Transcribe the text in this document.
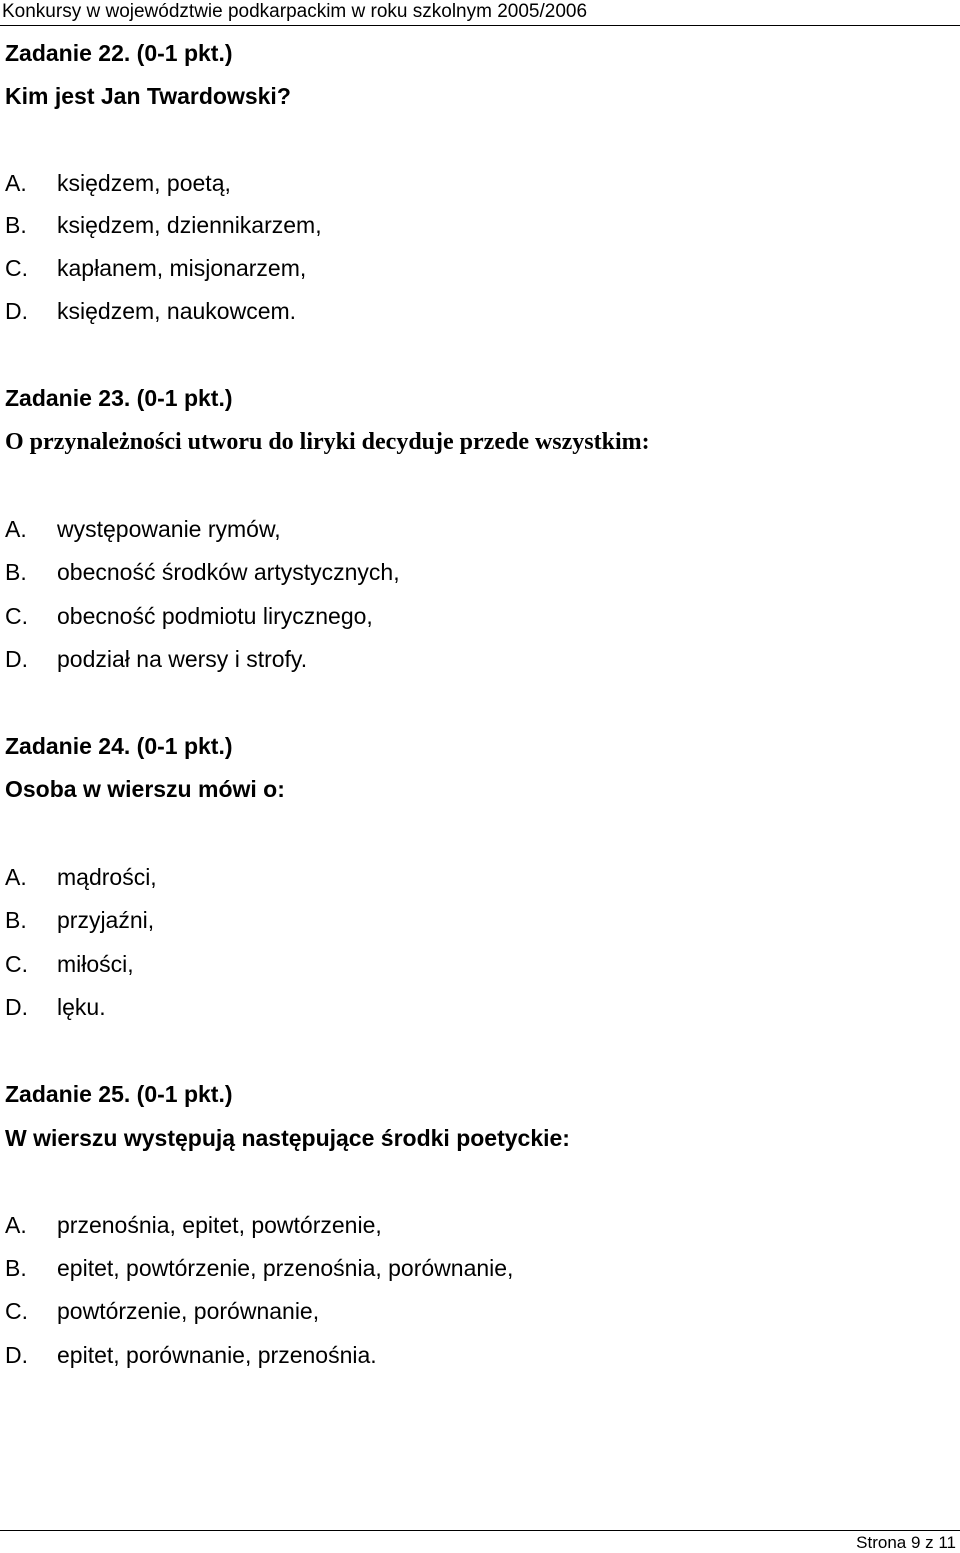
Konkursy w województwie podkarpackim w roku szkolnym 2005/2006
Zadanie 22. (0-1 pkt.)
Kim jest Jan Twardowski?
A. księdzem, poetą,
B. księdzem, dziennikarzem,
C. kapłanem, misjonarzem,
D. księdzem, naukowcem.
Zadanie 23. (0-1 pkt.)
O przynależności utworu do liryki decyduje przede wszystkim:
A. występowanie rymów,
B. obecność środków artystycznych,
C. obecność podmiotu lirycznego,
D. podział na wersy i strofy.
Zadanie 24. (0-1 pkt.)
Osoba w wierszu mówi o:
A. mądrości,
B. przyjaźni,
C. miłości,
D. lęku.
Zadanie 25. (0-1 pkt.)
W wierszu występują następujące środki poetyckie:
A. przenośnia, epitet, powtórzenie,
B. epitet, powtórzenie, przenośnia, porównanie,
C. powtórzenie, porównanie,
D. epitet, porównanie, przenośnia.
Strona 9 z 11
